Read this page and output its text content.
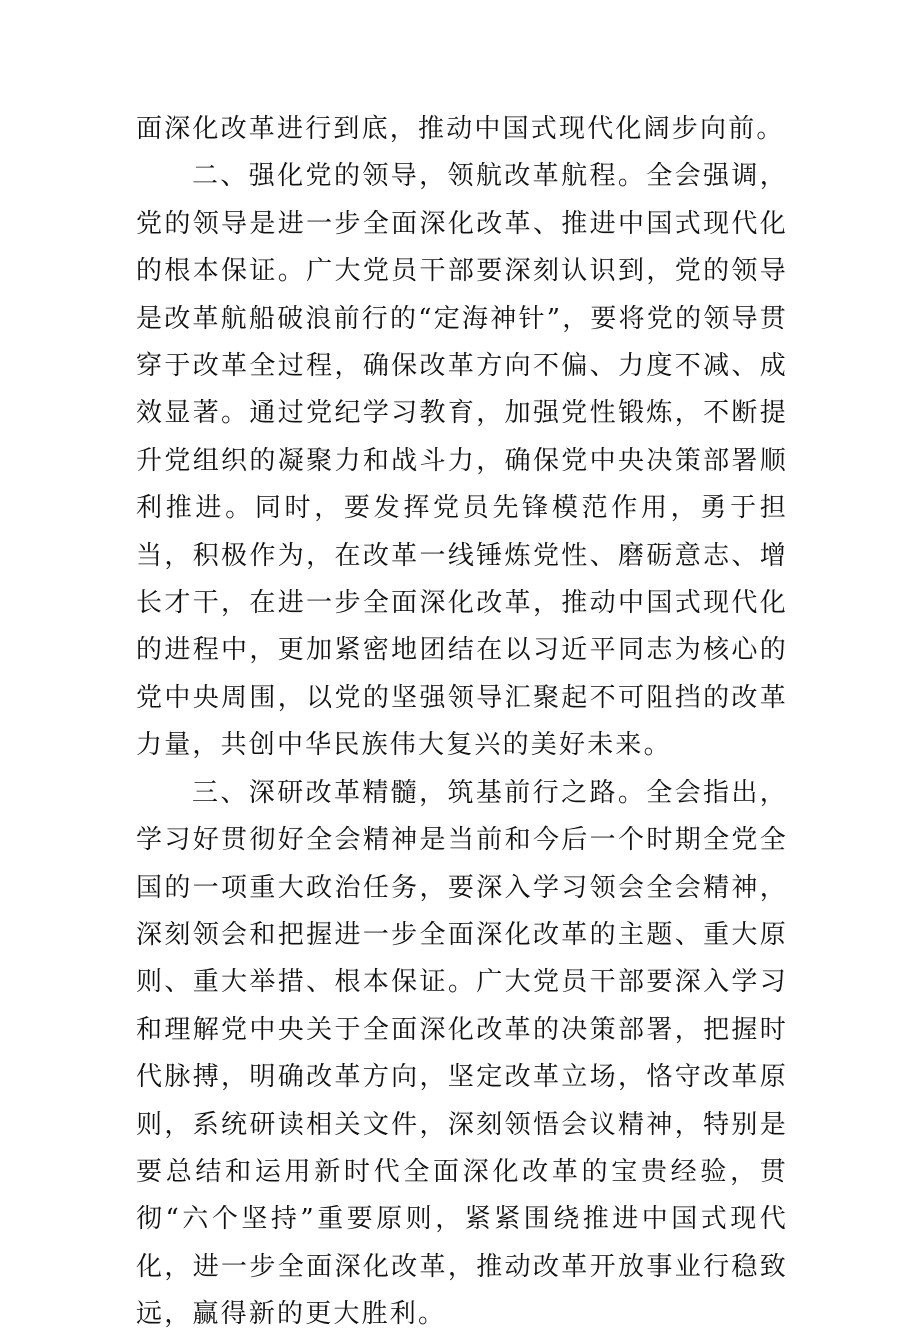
面深化改革进行到底，推动中国式现代化阔步向前。

二、强化党的领导，领航改革航程。全会强调，党的领导是进一步全面深化改革、推进中国式现代化的根本保证。广大党员干部要深刻认识到，党的领导是改革航船破浪前行的“定海神针”，要将党的领导贯穿于改革全过程，确保改革方向不偏、力度不减、成效显著。通过党纪学习教育，加强党性锻炼，不断提升党组织的凝聚力和战斗力，确保党中央决策部署顺利推进。同时，要发挥党员先锋模范作用，勇于担当，积极作为，在改革一线锤炼党性、磨砺意志、增长才干，在进一步全面深化改革，推动中国式现代化的进程中，更加紧密地团结在以习近平同志为核心的党中央周围，以党的坚强领导汇聚起不可阻挡的改革力量，共创中华民族伟大复兴的美好未来。

三、深研改革精髓，筑基前行之路。全会指出，学习好贯彻好全会精神是当前和今后一个时期全党全国的一项重大政治任务，要深入学习领会全会精神，深刻领会和把握进一步全面深化改革的主题、重大原则、重大举措、根本保证。广大党员干部要深入学习和理解党中央关于全面深化改革的决策部署，把握时代脉搏，明确改革方向，坚定改革立场，恪守改革原则，系统研读相关文件，深刻领悟会议精神，特别是要总结和运用新时代全面深化改革的宝贵经验，贯彻“六个坚持”重要原则，紧紧围绕推进中国式现代化，进一步全面深化改革，推动改革开放事业行稳致远，赢得新的更大胜利。
